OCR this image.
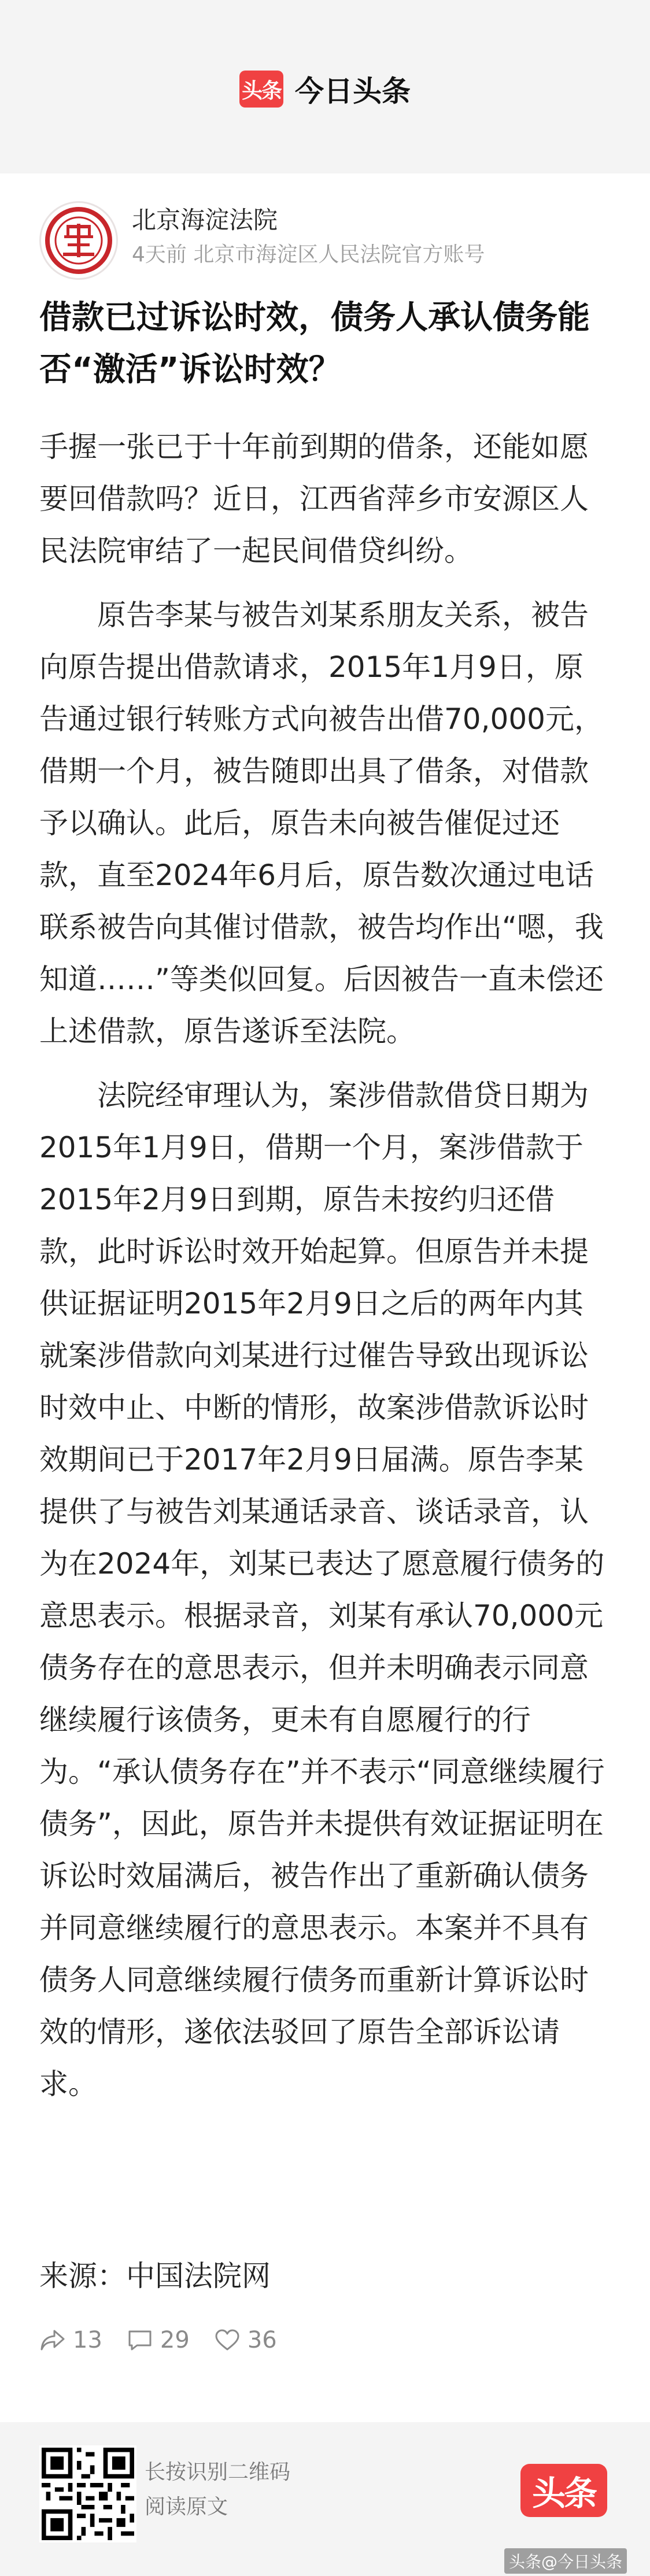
头条 今日头条
北京海淀法院
4天前 北京市海淀区人民法院官方账号
借款已过诉讼时效，债务人承认债务能否“激活”诉讼时效？

手握一张已于十年前到期的借条，还能如愿要回借款吗？近日，江西省萍乡市安源区人民法院审结了一起民间借贷纠纷。

原告李某与被告刘某系朋友关系，被告向原告提出借款请求，2015年1月9日，原告通过银行转账方式向被告出借70,000元，借期一个月，被告随即出具了借条，对借款予以确认。此后，原告未向被告催促过还款，直至2024年6月后，原告数次通过电话联系被告向其催讨借款，被告均作出“嗯，我知道……”等类似回复。后因被告一直未偿还上述借款，原告遂诉至法院。

法院经审理认为，案涉借款借贷日期为2015年1月9日，借期一个月，案涉借款于2015年2月9日到期，原告未按约归还借款，此时诉讼时效开始起算。但原告并未提供证据证明2015年2月9日之后的两年内其就案涉借款向刘某进行过催告导致出现诉讼时效中止、中断的情形，故案涉借款诉讼时效期间已于2017年2月9日届满。原告李某提供了与被告刘某通话录音、谈话录音，认为在2024年，刘某已表达了愿意履行债务的意思表示。根据录音，刘某有承认70,000元债务存在的意思表示，但并未明确表示同意继续履行该债务，更未有自愿履行的行为。“承认债务存在”并不表示“同意继续履行债务”，因此，原告并未提供有效证据证明在诉讼时效届满后，被告作出了重新确认债务并同意继续履行的意思表示。本案并不具有债务人同意继续履行债务而重新计算诉讼时效的情形，遂依法驳回了原告全部诉讼请求。

来源：中国法院网
13	29	36
长按识别二维码
阅读原文	头条
头条@今日头条
